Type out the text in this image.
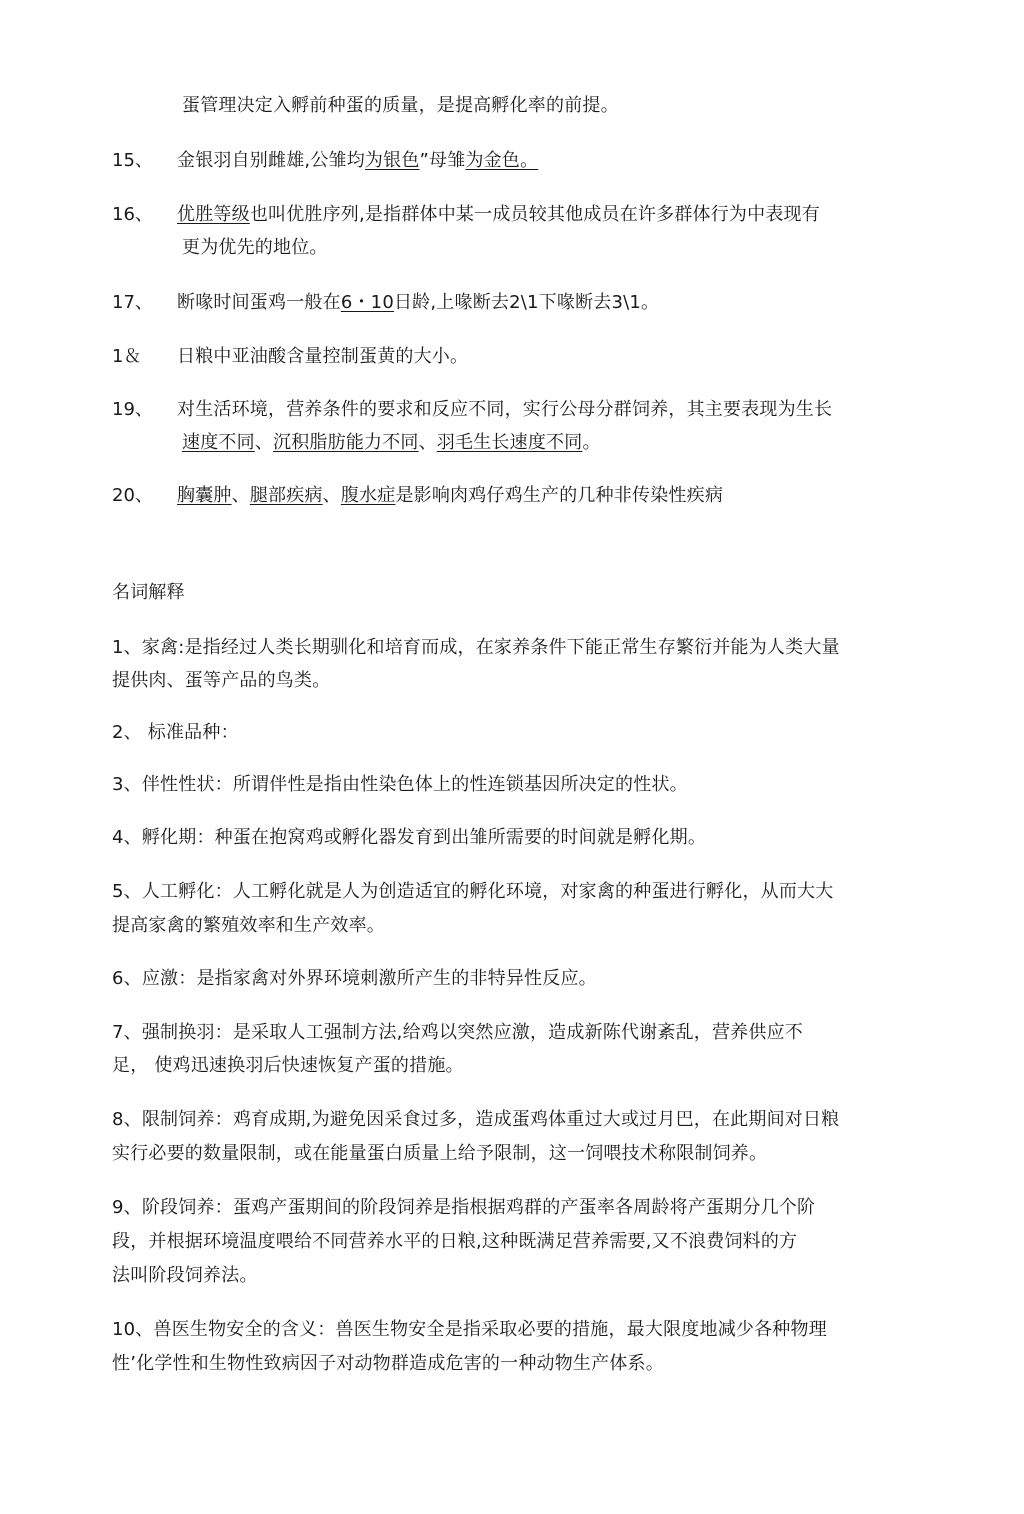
蛋管理决定入孵前种蛋的质量，是提高孵化率的前提。
15、 金银羽自别雌雄,公雏均为银色”母雏为金色。
16、 优胜等级也叫优胜序列,是指群体中某一成员较其他成员在许多群体行为中表现有
更为优先的地位。
17、 断喙时间蛋鸡一般在6・10日龄,上喙断去2\1下喙断去3\1。
1＆ 日粮中亚油酸含量控制蛋黄的大小。
19、 对生活环境，营养条件的要求和反应不同，实行公母分群饲养，其主要表现为生长
速度不同、沉积脂肪能力不同、羽毛生长速度不同。
20、 胸囊肿、腿部疾病、腹水症是影响肉鸡仔鸡生产的几种非传染性疾病
名词解释
1、家禽:是指经过人类长期驯化和培育而成，在家养条件下能正常生存繁衍并能为人类大量
提供肉、蛋等产品的鸟类。
2、 标准品种：
3、伴性性状：所谓伴性是指由性染色体上的性连锁基因所决定的性状。
4、孵化期：种蛋在抱窝鸡或孵化器发育到出雏所需要的时间就是孵化期。
5、人工孵化：人工孵化就是人为创造适宜的孵化环境，对家禽的种蛋进行孵化，从而大大
提高家禽的繁殖效率和生产效率。
6、应激：是指家禽对外界环境刺激所产生的非特异性反应。
7、强制换羽：是采取人工强制方法,给鸡以突然应激，造成新陈代谢紊乱，营养供应不
足， 使鸡迅速换羽后快速恢复产蛋的措施。
8、限制饲养：鸡育成期,为避免因采食过多，造成蛋鸡体重过大或过月巴，在此期间对日粮
实行必要的数量限制，或在能量蛋白质量上给予限制，这一饲喂技术称限制饲养。
9、阶段饲养：蛋鸡产蛋期间的阶段饲养是指根据鸡群的产蛋率各周龄将产蛋期分几个阶
段，并根据环境温度喂给不同营养水平的日粮,这种既满足营养需要,又不浪费饲料的方
法叫阶段饲养法。
10、兽医生物安全的含义：兽医生物安全是指采取必要的措施，最大限度地减少各种物理
性’化学性和生物性致病因子对动物群造成危害的一种动物生产体系。
